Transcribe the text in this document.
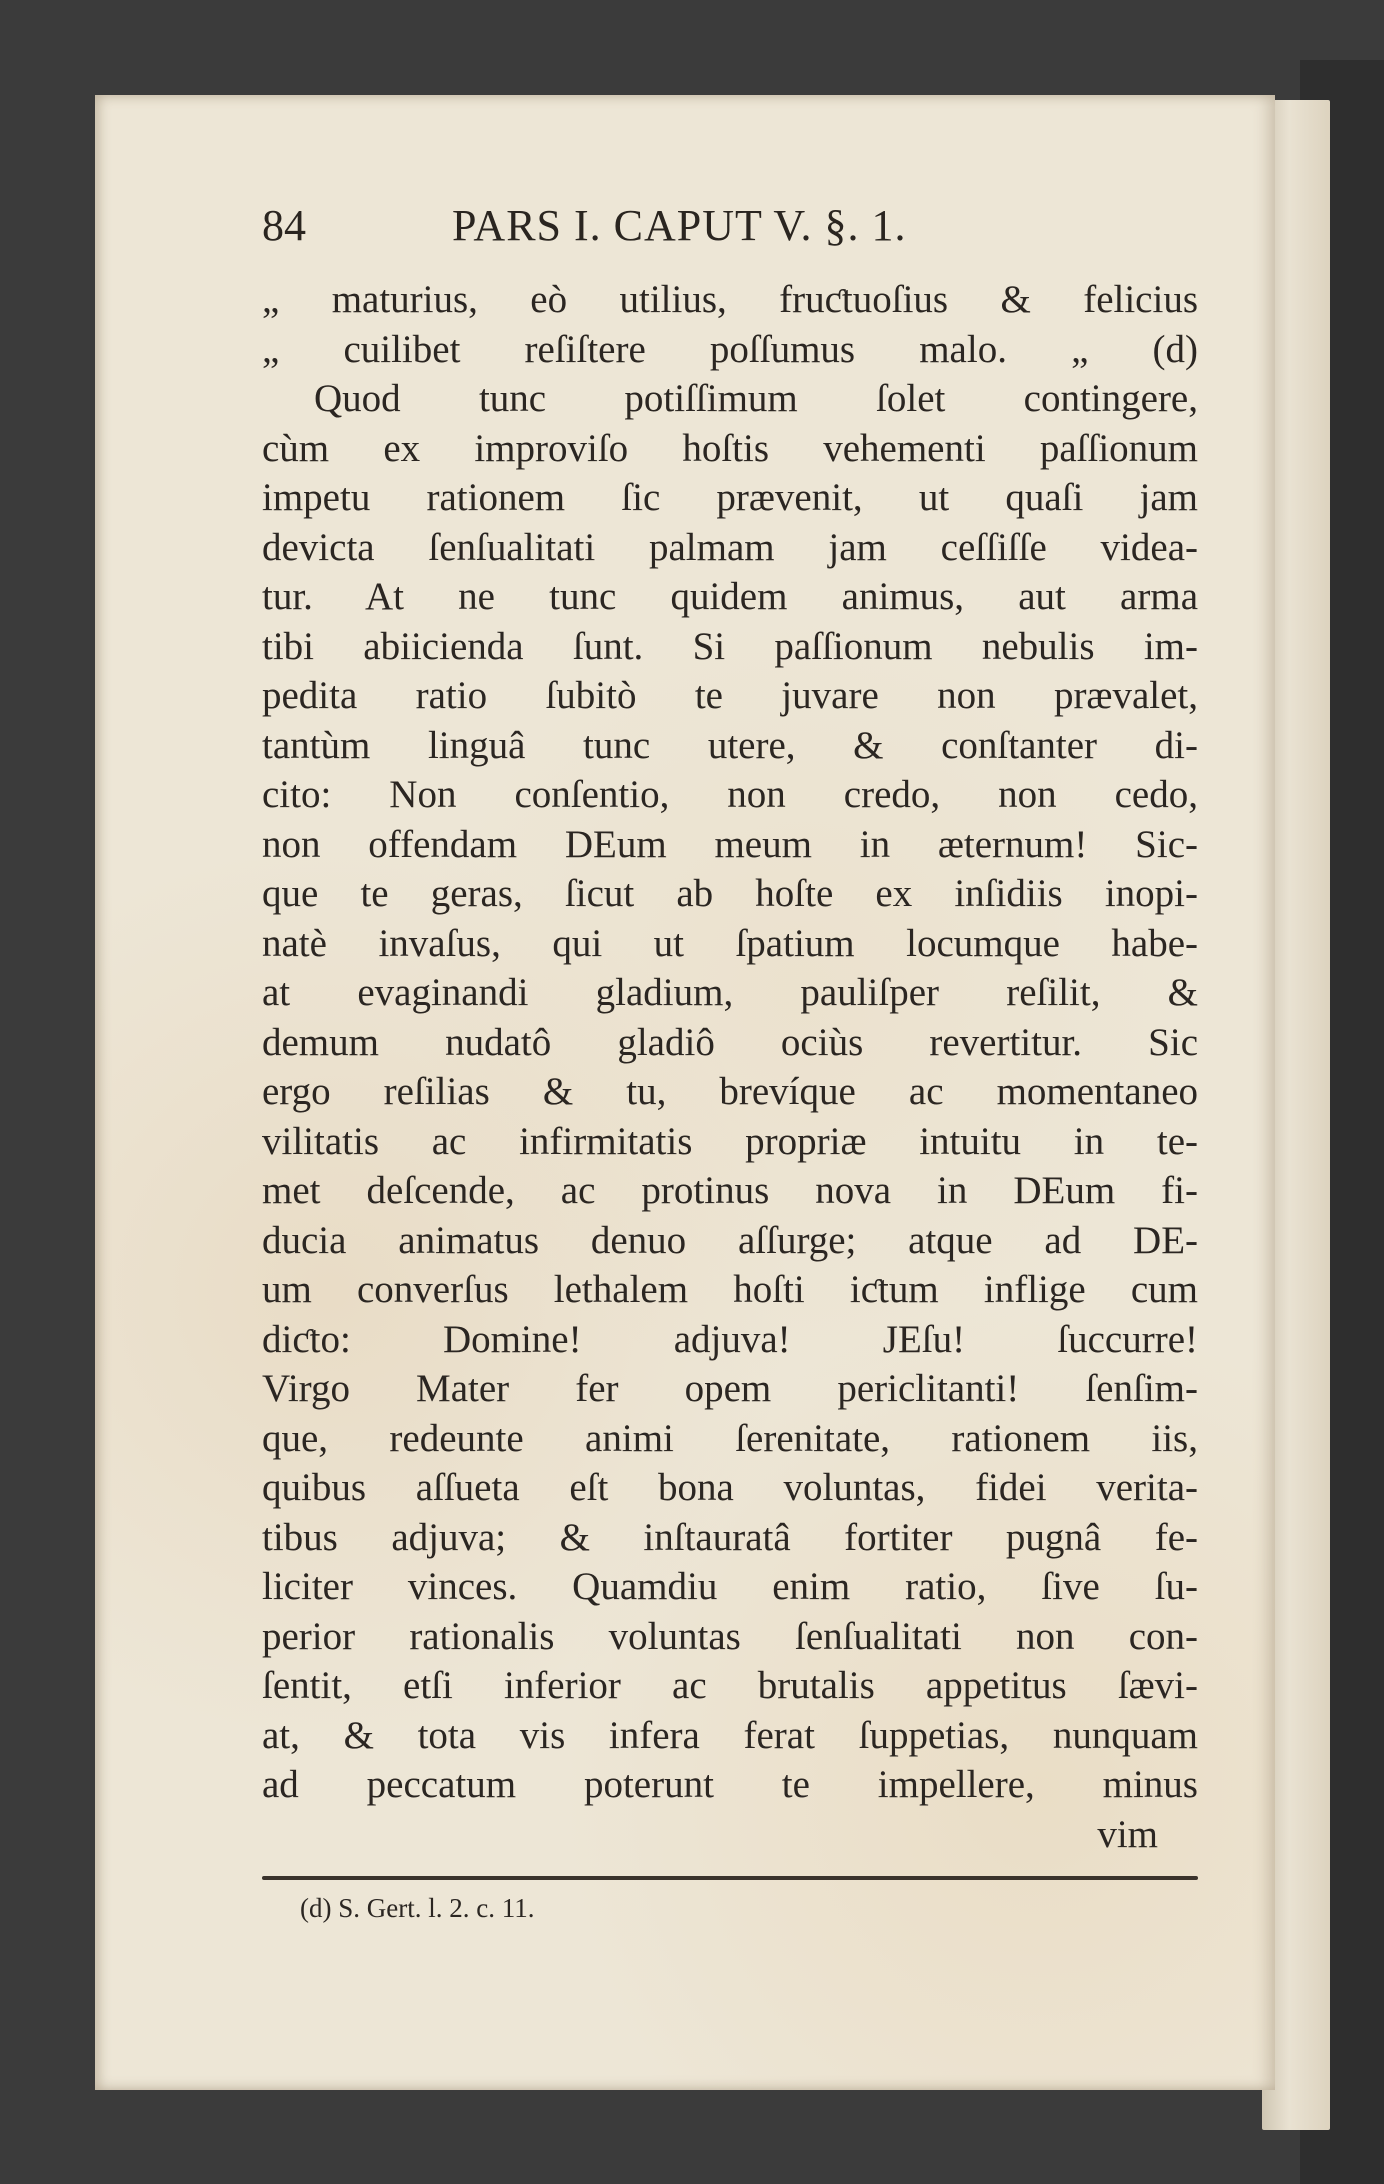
84	PARS I. CAPUT V. §. 1.
„ maturius, eò utilius, fruƈtuoſius & felicius
„ cuilibet reſiſtere poſſumus malo. „ (d)
Quod tunc potiſſimum ſolet contingere,
cùm ex improviſo hoſtis vehementi paſſionum
impetu rationem ſic prævenit, ut quaſi jam
devicta ſenſualitati palmam jam ceſſiſſe videa-
tur. At ne tunc quidem animus, aut arma
tibi abiicienda ſunt. Si paſſionum nebulis im-
pedita ratio ſubitò te juvare non prævalet,
tantùm linguâ tunc utere, & conſtanter di-
cito: Non conſentio, non credo, non cedo,
non offendam DEum meum in æternum! Sic-
que te geras, ſicut ab hoſte ex inſidiis inopi-
natè invaſus, qui ut ſpatium locumque habe-
at evaginandi gladium, pauliſper reſilit, &
demum nudatô gladiô ociùs revertitur. Sic
ergo reſilias & tu, brevíque ac momentaneo
vilitatis ac infirmitatis propriæ intuitu in te-
met deſcende, ac protinus nova in DEum fi-
ducia animatus denuo aſſurge; atque ad DE-
um converſus lethalem hoſti iƈtum inflige cum
diƈto: Domine! adjuva! JEſu! ſuccurre!
Virgo Mater fer opem periclitanti! ſenſim-
que, redeunte animi ſerenitate, rationem iis,
quibus aſſueta eſt bona voluntas, fidei verita-
tibus adjuva; & inſtauratâ fortiter pugnâ fe-
liciter vinces. Quamdiu enim ratio, ſive ſu-
perior rationalis voluntas ſenſualitati non con-
ſentit, etſi inferior ac brutalis appetitus ſævi-
at, & tota vis infera ferat ſuppetias, nunquam
ad peccatum poterunt te impellere, minus
vim
(d) S. Gert. l. 2. c. 11.
